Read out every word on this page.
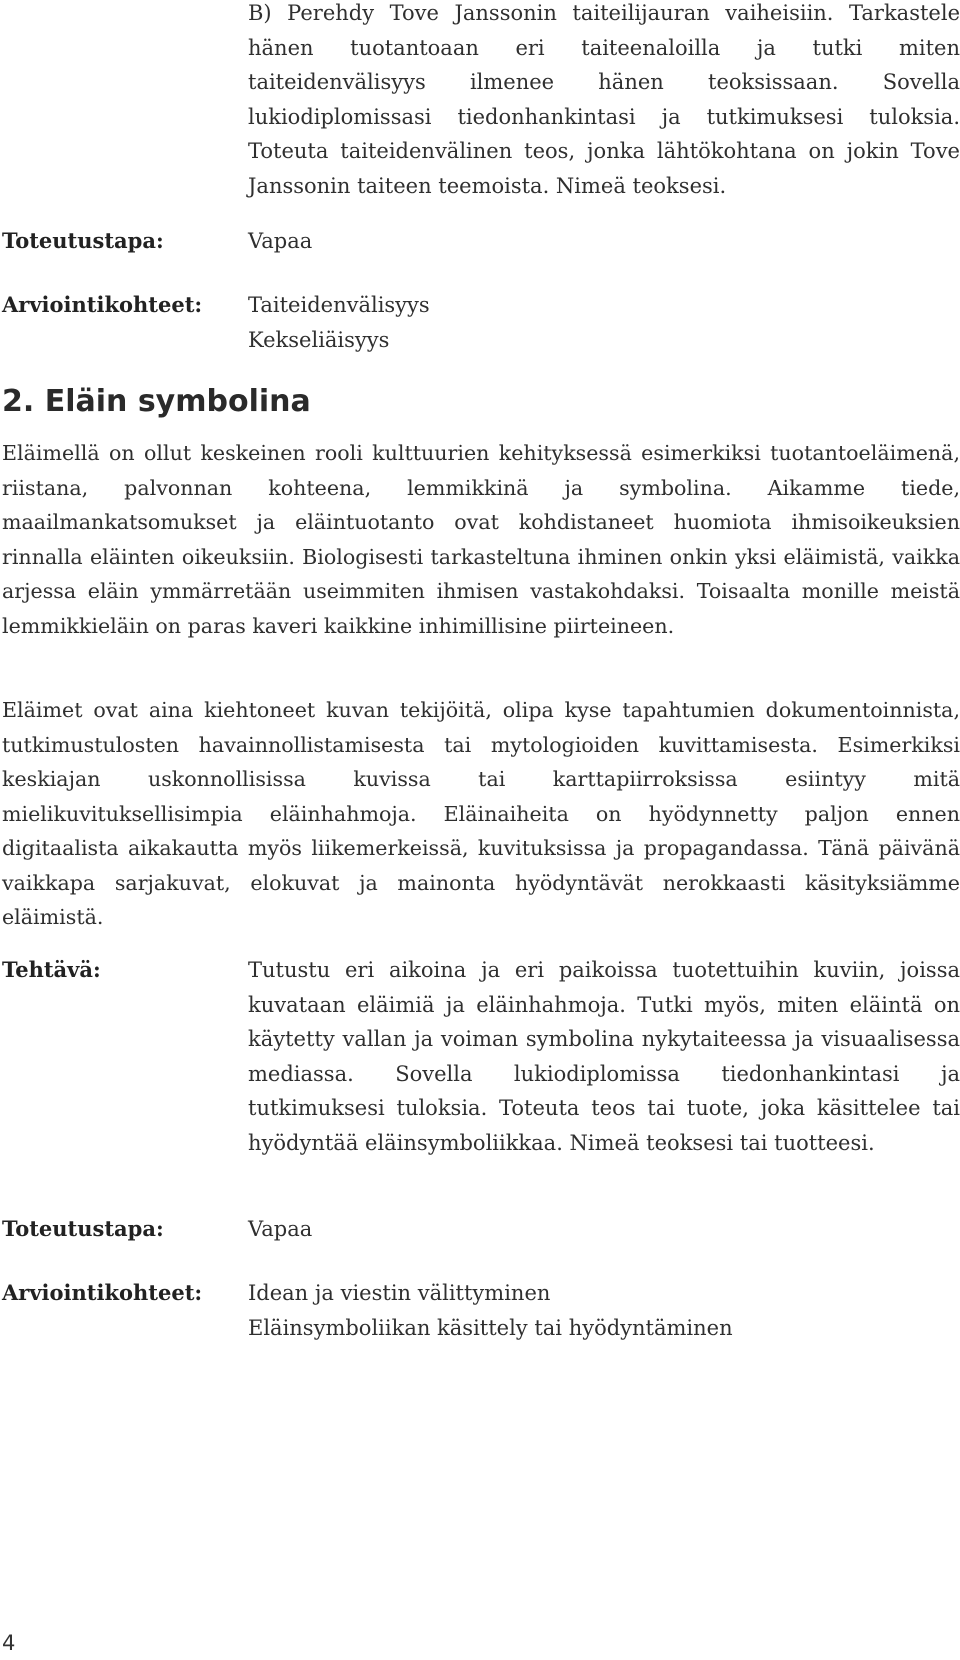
B) Perehdy Tove Janssonin taiteilijauran vaiheisiin. Tarkastele hänen tuotantoaan eri taiteenaloilla ja tutki miten taiteidenvälisyys ilmenee hänen teoksissaan. Sovella lukiodiplomissasi tiedonhankintasi ja tutkimuksesi tuloksia. Toteuta taiteidenvälinen teos, jonka lähtökohtana on jokin Tove Janssonin taiteen teemoista. Nimeä teoksesi.
Toteutustapa:	Vapaa
Arviointikohteet: Taiteidenvälisyys
Kekseliäisyys
2. Eläin symbolina

Eläimellä on ollut keskeinen rooli kulttuurien kehityksessä esimerkiksi tuotantoeläimenä, riistana, palvonnan kohteena, lemmikkinä ja symbolina. Aikamme tiede, maailmankatsomukset ja eläintuotanto ovat kohdistaneet huomiota ihmisoikeuksien rinnalla eläinten oikeuksiin. Biologisesti tarkasteltuna ihminen onkin yksi eläimistä, vaikka arjessa eläin ymmärretään useimmiten ihmisen vastakohdaksi. Toisaalta monille meistä lemmikkieläin on paras kaveri kaikkine inhimillisine piirteineen.

Eläimet ovat aina kiehtoneet kuvan tekijöitä, olipa kyse tapahtumien dokumentoinnista, tutkimustulosten havainnollistamisesta tai mytologioiden kuvittamisesta. Esimerkiksi keskiajan uskonnollisissa kuvissa tai karttapiirroksissa esiintyy mitä mielikuvituksellisimpia eläinhahmoja. Eläinaiheita on hyödynnetty paljon ennen digitaalista aikakautta myös liikemerkeissä, kuvituksissa ja propagandassa. Tänä päivänä vaikkapa sarjakuvat, elokuvat ja mainonta hyödyntävät nerokkaasti käsityksiämme eläimistä.

Tehtävä:	Tutustu eri aikoina ja eri paikoissa tuotettuihin kuviin, joissa kuvataan eläimiä ja eläinhahmoja. Tutki myös, miten eläintä on käytetty vallan ja voiman symbolina nykytaiteessa ja visuaalisessa mediassa. Sovella lukiodiplomissa tiedonhankintasi ja tutkimuksesi tuloksia. Toteuta teos tai tuote, joka käsittelee tai hyödyntää eläinsymboliikkaa. Nimeä teoksesi tai tuotteesi.
Toteutustapa:	Vapaa
Arviointikohteet: Idean ja viestin välittyminen
Eläinsymboliikan käsittely tai hyödyntäminen
4
